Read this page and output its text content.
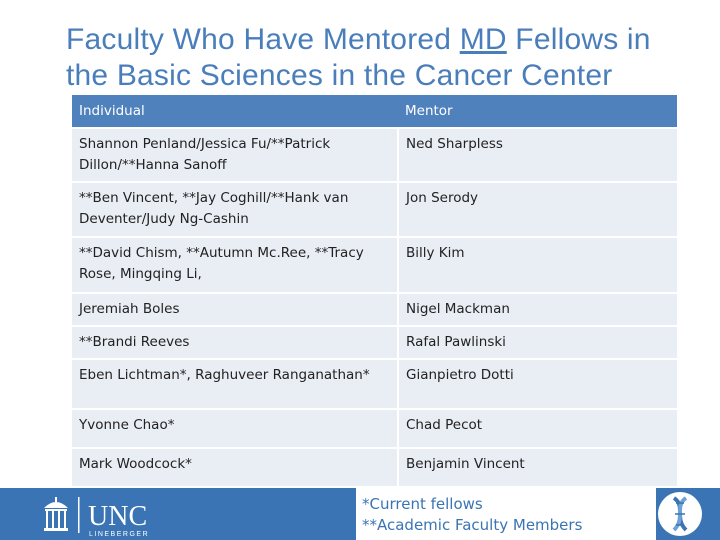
Faculty Who Have Mentored MD Fellows in
the Basic Sciences in the Cancer Center
Individual	Mentor
Shannon Penland/Jessica Fu/**Patrick Dillon/**Hanna Sanoff	Ned Sharpless
**Ben Vincent, **Jay Coghill/**Hank van Deventer/Judy Ng-Cashin	Jon Serody
**David Chism, **Autumn Mc.Ree, **Tracy Rose, Mingqing Li,	Billy Kim
Jeremiah Boles	Nigel Mackman
**Brandi Reeves	Rafal Pawlinski
Eben Lichtman*, Raghuveer Ranganathan*	Gianpietro Dotti
Yvonne Chao*	Chad Pecot
Mark Woodcock*	Benjamin Vincent
UNC
LINEBERGER
*Current fellows
**Academic Faculty Members
